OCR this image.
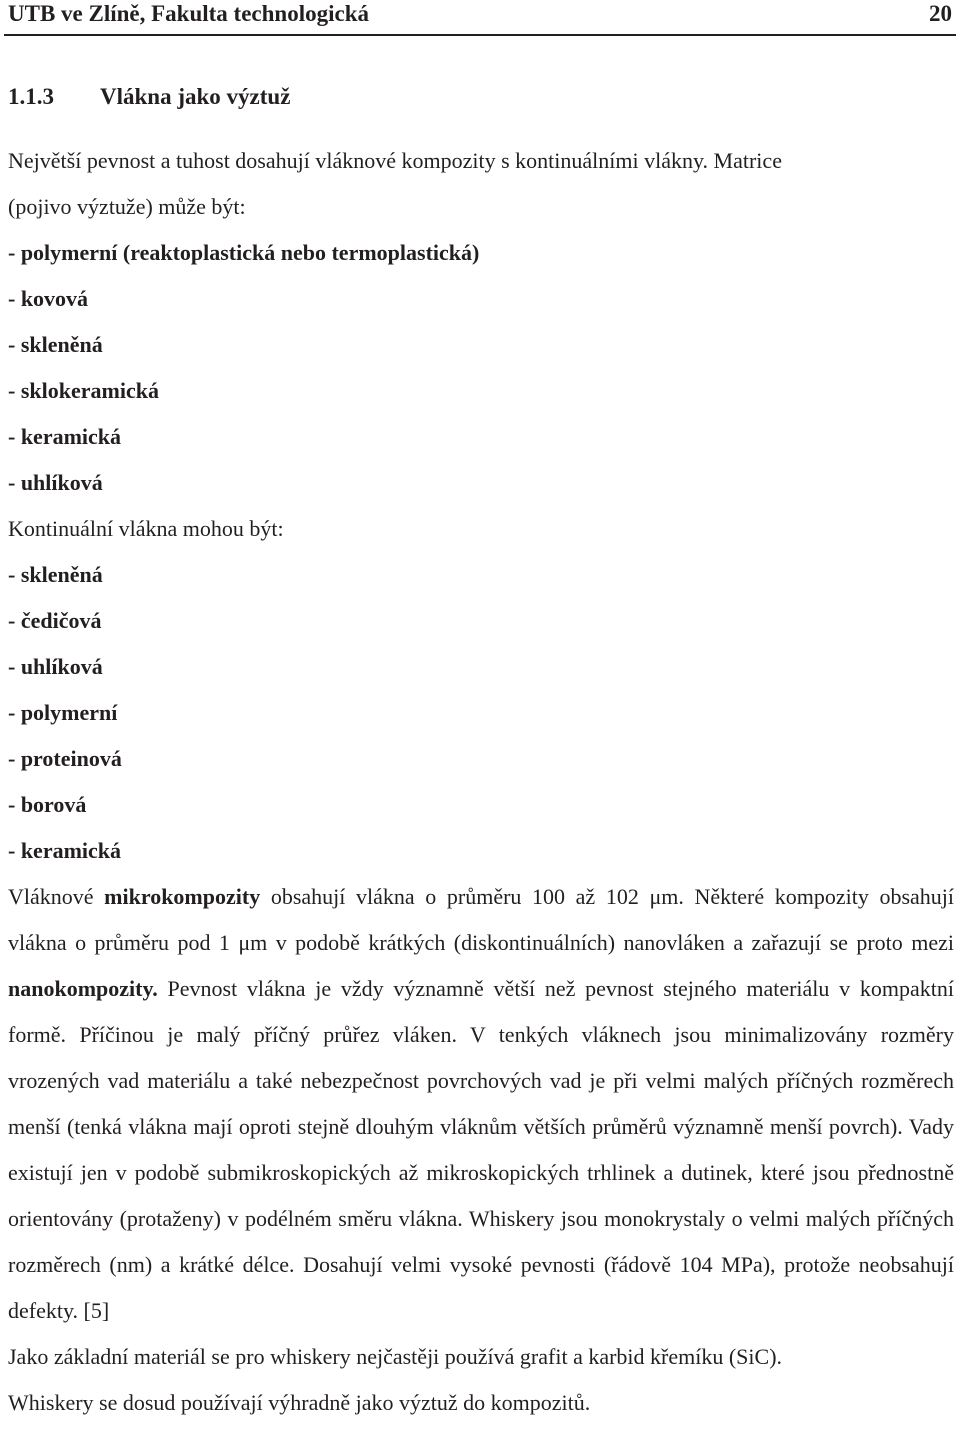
UTB ve Zlíně, Fakulta technologická	20
1.1.3 Vlákna jako výztuž

Největší pevnost a tuhost dosahují vláknové kompozity s kontinuálními vlákny. Matrice

(pojivo výztuže) může být:

- polymerní (reaktoplastická nebo termoplastická)

- kovová

- skleněná

- sklokeramická

- keramická

- uhlíková

Kontinuální vlákna mohou být:

- skleněná

- čedičová

- uhlíková

- polymerní

- proteinová

- borová

- keramická

Vláknové mikrokompozity obsahují vlákna o průměru 100 až 102 μm. Některé kompozity obsahují vlákna o průměru pod 1 μm v podobě krátkých (diskontinuálních) nanovláken a zařazují se proto mezi nanokompozity. Pevnost vlákna je vždy významně větší než pevnost stejného materiálu v kompaktní formě. Příčinou je malý příčný průřez vláken. V tenkých vláknech jsou minimalizovány rozměry vrozených vad materiálu a také nebezpečnost povrchových vad je při velmi malých příčných rozměrech menší (tenká vlákna mají oproti stejně dlouhým vláknům větších průměrů významně menší povrch). Vady existují jen v podobě submikroskopických až mikroskopických trhlinek a dutinek, které jsou přednostně orientovány (protaženy) v podélném směru vlákna. Whiskery jsou monokrystaly o velmi malých příčných rozměrech (nm) a krátké délce. Dosahují velmi vysoké pevnosti (řádově 104 MPa), protože neobsahují defekty. [5]

Jako základní materiál se pro whiskery nejčastěji používá grafit a karbid křemíku (SiC).

Whiskery se dosud používají výhradně jako výztuž do kompozitů.
